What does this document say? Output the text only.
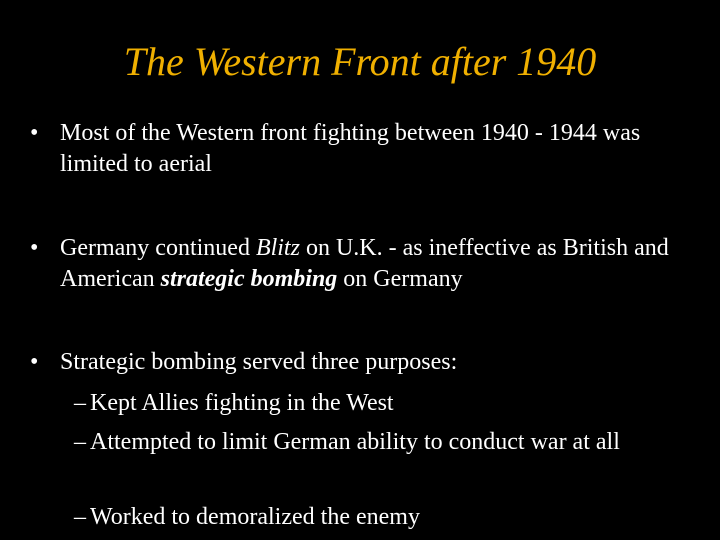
The Western Front after 1940
• Most of the Western front fighting between 1940 - 1944 was limited to aerial
• Germany continued Blitz on U.K. - as ineffective as British and American strategic bombing on Germany
• Strategic bombing served three purposes:
– Kept Allies fighting in the West
– Attempted to limit German ability to conduct war at all
– Worked to demoralized the enemy
